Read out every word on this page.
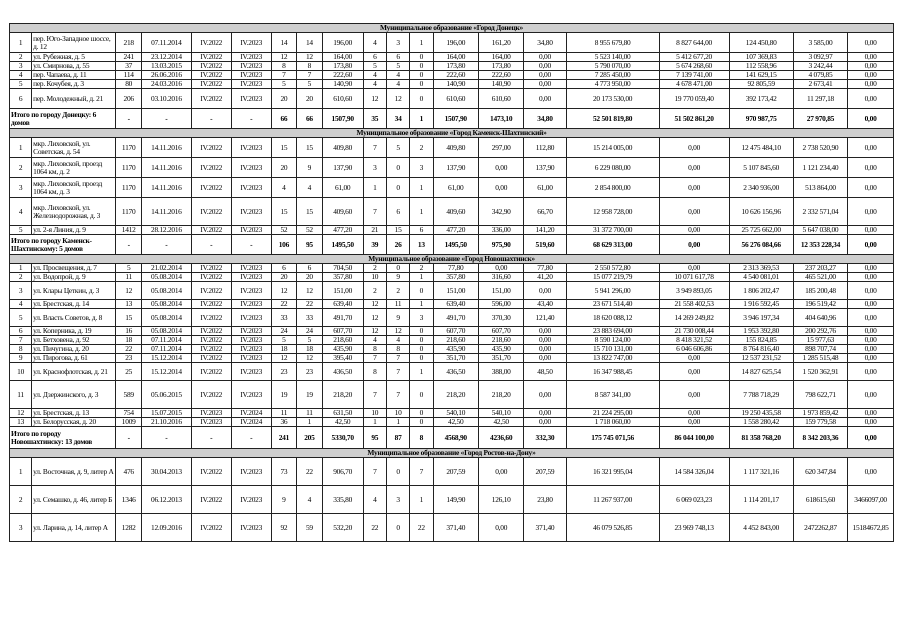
Муниципальное образование «Город Донецк»																			
1	пер. Юго-Западное шоссе, д. 12	218	07.11.2014	IV.2022	IV.2023	14	14	196,00	4	3	1	196,00	161,20	34,80	8 955 679,80	8 827 644,00	124 450,80	3 585,00	0,00
2	ул. Рубежная, д. 5	241	23.12.2014	IV.2022	IV.2023	12	12	164,00	6	6	0	164,00	164,00	0,00	5 523 140,00	5 412 677,20	107 369,83	3 092,97	0,00
3	ул. Смирнова, д. 55	37	13.03.2015	IV.2022	IV.2023	8	8	173,80	5	5	0	173,80	173,80	0,00	5 790 070,00	5 674 268,60	112 558,96	3 242,44	0,00
4	пер. Чапаева, д. 11	114	26.06.2016	IV.2022	IV.2023	7	7	222,60	4	4	0	222,60	222,60	0,00	7 285 450,00	7 139 741,00	141 629,15	4 079,85	0,00
5	пер. Кочубея, д. 3	80	24.03.2016	IV.2022	IV.2023	5	5	140,90	4	4	0	140,90	140,90	0,00	4 773 950,00	4 678 471,00	92 805,59	2 673,41	0,00
6	пер. Молодежный, д. 21	206	03.10.2016	IV.2022	IV.2023	20	20	610,60	12	12	0	610,60	610,60	0,00	20 173 530,00	19 770 059,40	392 173,42	11 297,18	0,00
Итого по городу Донецку: 6 домов		-	-	-	-	66	66	1507,90	35	34	1	1507,90	1473,10	34,80	52 501 819,80	51 502 861,20	970 987,75	27 970,85	0,00
Муниципальное образование «Город Каменск-Шахтинский»																			
1	мкр. Лиховской, ул. Советская, д. 54	1170	14.11.2016	IV.2022	IV.2023	15	15	409,80	7	5	2	409,80	297,00	112,80	15 214 005,00	0,00	12 475 484,10	2 738 520,90	0,00
2	мкр. Лиховской, проезд 1064 км, д. 2	1170	14.11.2016	IV.2022	IV.2023	20	9	137,90	3	0	3	137,90	0,00	137,90	6 229 080,00	0,00	5 107 845,60	1 121 234,40	0,00
3	мкр. Лиховской, проезд 1064 км, д. 3	1170	14.11.2016	IV.2022	IV.2023	4	4	61,00	1	0	1	61,00	0,00	61,00	2 854 800,00	0,00	2 340 936,00	513 864,00	0,00
4	мкр. Лиховской, ул. Железнодорожная, д. 3	1170	14.11.2016	IV.2022	IV.2023	15	15	409,60	7	6	1	409,60	342,90	66,70	12 958 728,00	0,00	10 626 156,96	2 332 571,04	0,00
5	ул. 2-я Линия, д. 9	1412	28.12.2016	IV.2022	IV.2023	52	52	477,20	21	15	6	477,20	336,00	141,20	31 372 700,00	0,00	25 725 662,00	5 647 038,00	0,00
Итого по городу Каменск-Шахтинскому: 5 домов		-	-	-	-	106	95	1495,50	39	26	13	1495,50	975,90	519,60	68 629 313,00	0,00	56 276 084,66	12 353 228,34	0,00
Муниципальное образование «Город Новошахтинск»																			
1	ул. Просвещения, д. 7	5	21.02.2014	IV.2022	IV.2023	6	6	704,50	2	0	2	77,80	0,00	77,80	2 550 572,80	0,00	2 313 369,53	237 203,27	0,00
2	ул. Водопрой, д. 9	11	05.08.2014	IV.2022	IV.2023	20	20	357,80	10	9	1	357,80	316,60	41,20	15 077 219,79	10 071 617,78	4 540 081,01	465 521,00	0,00
3	ул. Клары Цеткин, д. 3	12	05.08.2014	IV.2022	IV.2023	12	12	151,00	2	2	0	151,00	151,00	0,00	5 941 296,00	3 949 893,05	1 806 202,47	185 200,48	0,00
4	ул. Брестская, д. 14	13	05.08.2014	IV.2022	IV.2023	22	22	639,40	12	11	1	639,40	596,00	43,40	23 671 514,40	21 558 402,53	1 916 592,45	196 519,42	0,00
5	ул. Власть Советов, д. 8	15	05.08.2014	IV.2022	IV.2023	33	33	491,70	12	9	3	491,70	370,30	121,40	18 620 088,12	14 269 249,82	3 946 197,34	404 640,96	0,00
6	ул. Коперника, д. 19	16	05.08.2014	IV.2022	IV.2023	24	24	607,70	12	12	0	607,70	607,70	0,00	23 883 694,00	21 730 008,44	1 953 392,80	200 292,76	0,00
7	ул. Бетховена, д. 92	18	07.11.2014	IV.2022	IV.2023	5	5	218,60	4	4	0	218,60	218,60	0,00	8 590 124,00	8 418 321,52	155 824,85	15 977,63	0,00
8	ул. Пичугина, д. 20	22	07.11.2014	IV.2022	IV.2023	18	18	435,90	8	8	0	435,90	435,90	0,00	15 710 131,00	6 046 606,86	8 764 816,40	898 707,74	0,00
9	ул. Пирогова, д. 61	23	15.12.2014	IV.2022	IV.2023	12	12	395,40	7	7	0	351,70	351,70	0,00	13 822 747,00	0,00	12 537 231,52	1 285 515,48	0,00
10	ул. Краснофлотская, д. 21	25	15.12.2014	IV.2022	IV.2023	23	23	436,50	8	7	1	436,50	388,00	48,50	16 347 988,45	0,00	14 827 625,54	1 520 362,91	0,00
11	ул. Дзержинского, д. 3	589	05.06.2015	IV.2022	IV.2023	19	19	218,20	7	7	0	218,20	218,20	0,00	8 587 341,00	0,00	7 788 718,29	798 622,71	0,00
12	ул. Брестская, д. 13	754	15.07.2015	IV.2023	IV.2024	11	11	631,50	10	10	0	540,10	540,10	0,00	21 224 295,00	0,00	19 250 435,58	1 973 859,42	0,00
13	ул. Белорусская, д. 20	1009	21.10.2016	IV.2023	IV.2024	36	1	42,50	1	1	0	42,50	42,50	0,00	1 718 060,00	0,00	1 558 280,42	159 779,58	0,00
Итого по городу Новошахтинску: 13 домов		-	-	-	-	241	205	5330,70	95	87	8	4568,90	4236,60	332,30	175 745 071,56	86 044 100,00	81 358 768,20	8 342 203,36	0,00
Муниципальное образование «Город Ростов-на-Дону»																			
1	ул. Восточная, д. 9, литер А	476	30.04.2013	IV.2022	IV.2023	73	22	906,70	7	0	7	207,59	0,00	207,59	16 321 995,04	14 584 326,04	1 117 321,16	620 347,84	0,00
2	ул. Семашко, д. 46, литер Б	1346	06.12.2013	IV.2022	IV.2023	9	4	335,80	4	3	1	149,90	126,10	23,80	11 267 937,00	6 069 023,23	1 114 201,17	618615,60	3466097,00
3	ул. Ларина, д. 14, литер А	1282	12.09.2016	IV.2022	IV.2023	92	59	532,20	22	0	22	371,40	0,00	371,40	46 079 526,85	23 969 748,13	4 452 843,00	2472262,87	15184672,85
